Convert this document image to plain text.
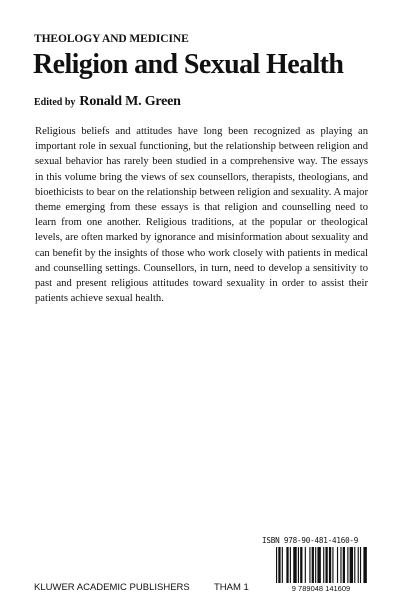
THEOLOGY AND MEDICINE
Religion and Sexual Health
Edited by Ronald M. Green

Religious beliefs and attitudes have long been recognized as playing an important role in sexual functioning, but the relationship between religion and sexual behavior has rarely been studied in a comprehensive way. The essays in this volume bring the views of sex counsellors, therapists, theologians, and bioethicists to bear on the relationship between religion and sexuality. A major theme emerging from these essays is that religion and counselling need to learn from one another. Religious traditions, at the popular or theological levels, are often marked by ignorance and misinformation about sexuality and can benefit by the insights of those who work closely with patients in medical and counselling settings. Counsellors, in turn, need to develop a sensitivity to past and present religious attitudes toward sexuality in order to assist their patients achieve sexual health.

ISBN 978-90-481-4160-9
9 789048 141609
KLUWER ACADEMIC PUBLISHERS	THAM 1
